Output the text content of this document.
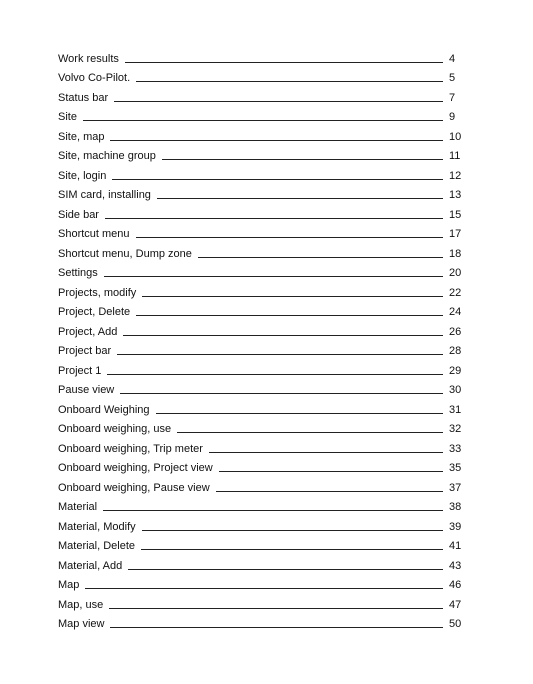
Work results	4
Volvo Co-Pilot.	5
Status bar	7
Site	9
Site, map	10
Site, machine group	11
Site, login	12
SIM card, installing	13
Side bar	15
Shortcut menu	17
Shortcut menu, Dump zone	18
Settings	20
Projects, modify	22
Project, Delete	24
Project, Add	26
Project bar	28
Project 1	29
Pause view	30
Onboard Weighing	31
Onboard weighing, use	32
Onboard weighing, Trip meter	33
Onboard weighing, Project view	35
Onboard weighing, Pause view	37
Material	38
Material, Modify	39
Material, Delete	41
Material, Add	43
Map	46
Map, use	47
Map view	50
